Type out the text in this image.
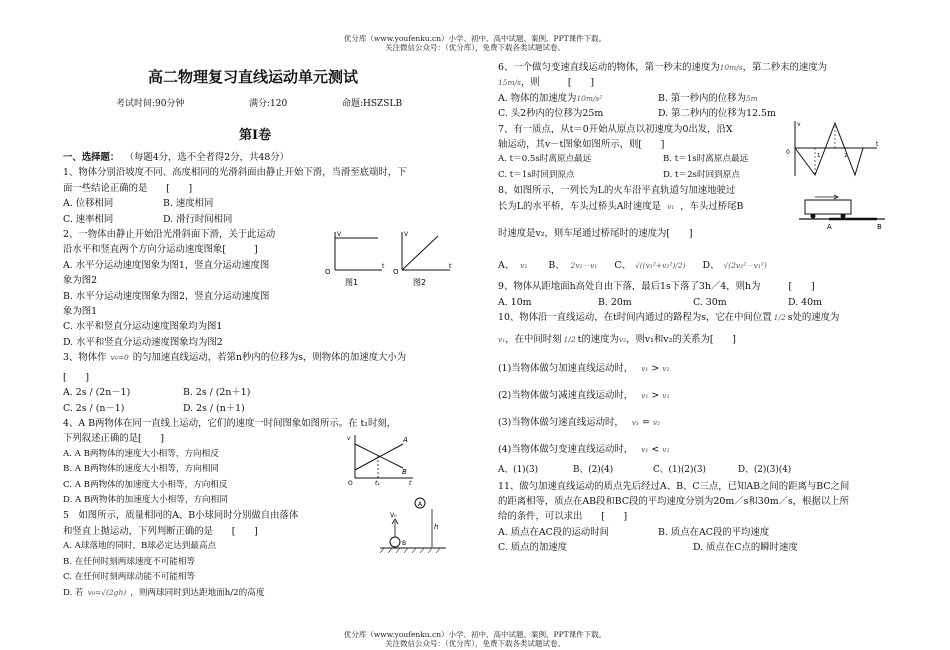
优分库（www.youfenku.cn）小学、初中、高中试题、案例、PPT课件下载。
关注微信公众号：（优分库），免费下载各类试题试卷。
高二物理复习直线运动单元测试
考试时间:90分钟	满分:120	命题:HSZSLB
第Ⅰ卷
一、选择题： （每题4分，选不全者得2分，共48分）
1、物体分别沿坡度不同、高度相同的光滑斜面由静止开始下滑，当滑至底端时，下
面一些结论正确的是　　[　　]
A. 位移相同	B. 速度相同
C. 速率相同	D. 滑行时间相同
2、一物体由静止开始沿光滑斜面下滑，关于此运动
沿水平和竖直两个方向分运动速度图象[　　　]
A. 水平分运动速度图象为图1，竖直分运动速度图
象为图2
B. 水平分运动速度图象为图2，竖直分运动速度图
象为图1
C. 水平和竖直分运动速度图象均为图1
D. 水平和竖直分运动速度图象均为图2
3、物体作 v₀=0 的匀加速直线运动，若第n秒内的位移为s，则物体的加速度大小为
[　　]
A. 2s / (2n－1)	B. 2s / (2n＋1)
C. 2s / (n－1)	D. 2s / (n＋1)
4、A B两物体在同一直线上运动，它们的速度一时间图象如图所示。在 t₁时刻，
下列叙述正确的是[　　]
A. A B两物体的速度大小相等，方向相反
B. A B两物体的速度大小相等，方向相同
C. A B两物体的加速度大小相等，方向相反
D. A B两物体的加速度大小相等，方向相同
5　如图所示，质量相同的A、B小球同时分别做自由落体
和竖直上抛运动，下列判断正确的是　　[　　]
A. A球落地的同时，B球必定达到最高点
B. 在任何时刻两球速度不可能相等
C. 在任何时刻两球动能不可能相等
D. 若 v₀=√(2gh) ，则两球同时到达距地面h/2的高度
O
V
t
图1
O
V
t
图2
v	A
B
O	t₁	t
A
h
V₀
B
6、一个做匀变速直线运动的物体，第一秒末的速度为10m/s，第二秒末的速度为
15m/s，则　　　[　　]
A. 物体的加速度为10m/s²	B. 第一秒内的位移为5m
C. 头2秒内的位移为25m	D. 第二秒内的位移为12.5m
7、有一质点，从t＝0开始从原点以初速度为0出发，沿X
轴运动，其v－t图象如图所示，则[　　]
A. t＝0.5s时离原点最远	B. t＝1s时离原点最远
C. t＝1s时回到原点	D. t＝2s时回到原点
8、如图所示，一列长为L的火车沿平直轨道匀加速地驶过
长为L的水平桥，车头过桥头A时速度是 v₁ ，车头过桥尾B
时速度是v₂，则车尾通过桥尾时的速度为[　　]
A、 v₂ B、 2v₂－v₁ C、 √((v₁²+v₂²)/2) D、 √(2v₂²－v₁²)
9、物体从距地面h高处自由下落，最后1s下落了3h／4，则h为　　　[　　]
A. 10m	B. 20m	C. 30m	D. 40m
10、物体沿一直线运动，在t时间内通过的路程为s，它在中间位置 1/2 s处的速度为
v₁，在中间时刻 1/2 t的速度为v₂，则v₁和v₂的关系为[　　]
(1)当物体做匀加速直线运动时， v₁ > v₂
(2)当物体做匀减速直线运动时， v₁ > v₂
(3)当物体做匀速直线运动时， v₁ = v₂
(4)当物体做匀变速直线运动时， v₁ < v₂
A、(1)(3)	B、(2)(4)	C、(1)(2)(3)	D、(2)(3)(4)
11、做匀加速直线运动的质点先后经过A、B、C三点，已知AB之间的距离与BC之间
的距离相等，质点在AB段和BC段的平均速度分别为20m／s和30m／s，根据以上所
给的条件，可以求出　　[　　]
A. 质点在AC段的运动时间	B. 质点在AC段的平均速度
C. 质点的加速度	D. 质点在C点的瞬时速度
v
t
0	1	2
A	B
优分库（www.youfenku.cn）小学、初中、高中试题、案例、PPT课件下载。
关注微信公众号：（优分库），免费下载各类试题试卷。
